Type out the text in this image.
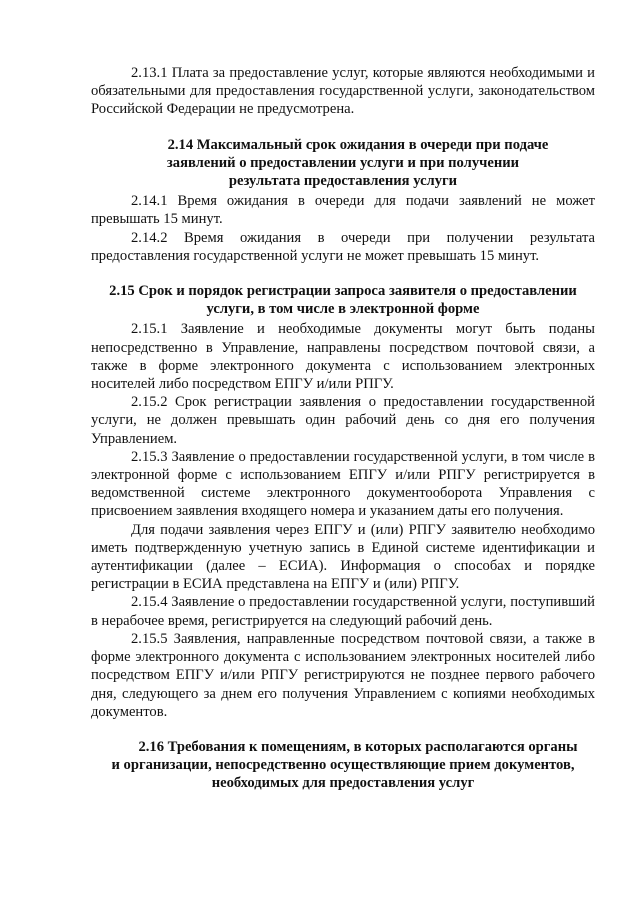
2.13.1 Плата за предоставление услуг, которые являются необходимыми и обязательными для предоставления государственной услуги, законодательством Российской Федерации не предусмотрена.

2.14 Максимальный срок ожидания в очереди при подаче
заявлений о предоставлении услуги и при получении
результата предоставления услуги

2.14.1 Время ожидания в очереди для подачи заявлений не может превышать 15 минут.

2.14.2 Время ожидания в очереди при получении результата предоставления государственной услуги не может превышать 15 минут.

2.15 Срок и порядок регистрации запроса заявителя о предоставлении
услуги, в том числе в электронной форме

2.15.1 Заявление и необходимые документы могут быть поданы непосредственно в Управление, направлены посредством почтовой связи, а также в форме электронного документа с использованием электронных носителей либо посредством ЕПГУ и/или РПГУ.

2.15.2 Срок регистрации заявления о предоставлении государственной услуги, не должен превышать один рабочий день со дня его получения Управлением.

2.15.3 Заявление о предоставлении государственной услуги, в том числе в электронной форме с использованием ЕПГУ и/или РПГУ регистрируется в ведомственной системе электронного документооборота Управления с присвоением заявления входящего номера и указанием даты его получения.

Для подачи заявления через ЕПГУ и (или) РПГУ заявителю необходимо иметь подтвержденную учетную запись в Единой системе идентификации и аутентификации (далее – ЕСИА). Информация о способах и порядке регистрации в ЕСИА представлена на ЕПГУ и (или) РПГУ.

2.15.4 Заявление о предоставлении государственной услуги, поступивший в нерабочее время, регистрируется на следующий рабочий день.

2.15.5 Заявления, направленные посредством почтовой связи, а также в форме электронного документа с использованием электронных носителей либо посредством ЕПГУ и/или РПГУ регистрируются не позднее первого рабочего дня, следующего за днем его получения Управлением с копиями необходимых документов.

2.16 Требования к помещениям, в которых располагаются органы
и организации, непосредственно осуществляющие прием документов,
необходимых для предоставления услуг
